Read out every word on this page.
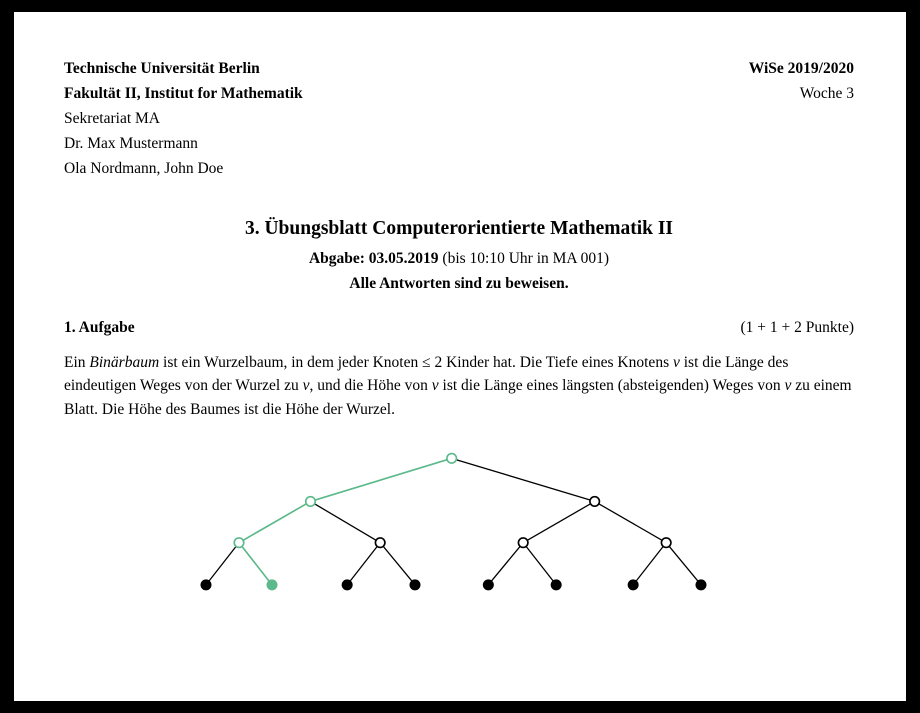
Technische Universität Berlin	WiSe 2019/2020
Fakultät II, Institut for Mathematik	Woche 3
Sekretariat MA
Dr. Max Mustermann
Ola Nordmann, John Doe
3. Übungsblatt Computerorientierte Mathematik II
Abgabe: 03.05.2019 (bis 10:10 Uhr in MA 001)
Alle Antworten sind zu beweisen.
1. Aufgabe	(1 + 1 + 2 Punkte)
Ein Binärbaum ist ein Wurzelbaum, in dem jeder Knoten ≤ 2 Kinder hat. Die Tiefe eines Knotens v ist die Länge des eindeutigen Weges von der Wurzel zu v, und die Höhe von v ist die Länge eines längsten (absteigenden) Weges von v zu einem Blatt. Die Höhe des Baumes ist die Höhe der Wurzel.
